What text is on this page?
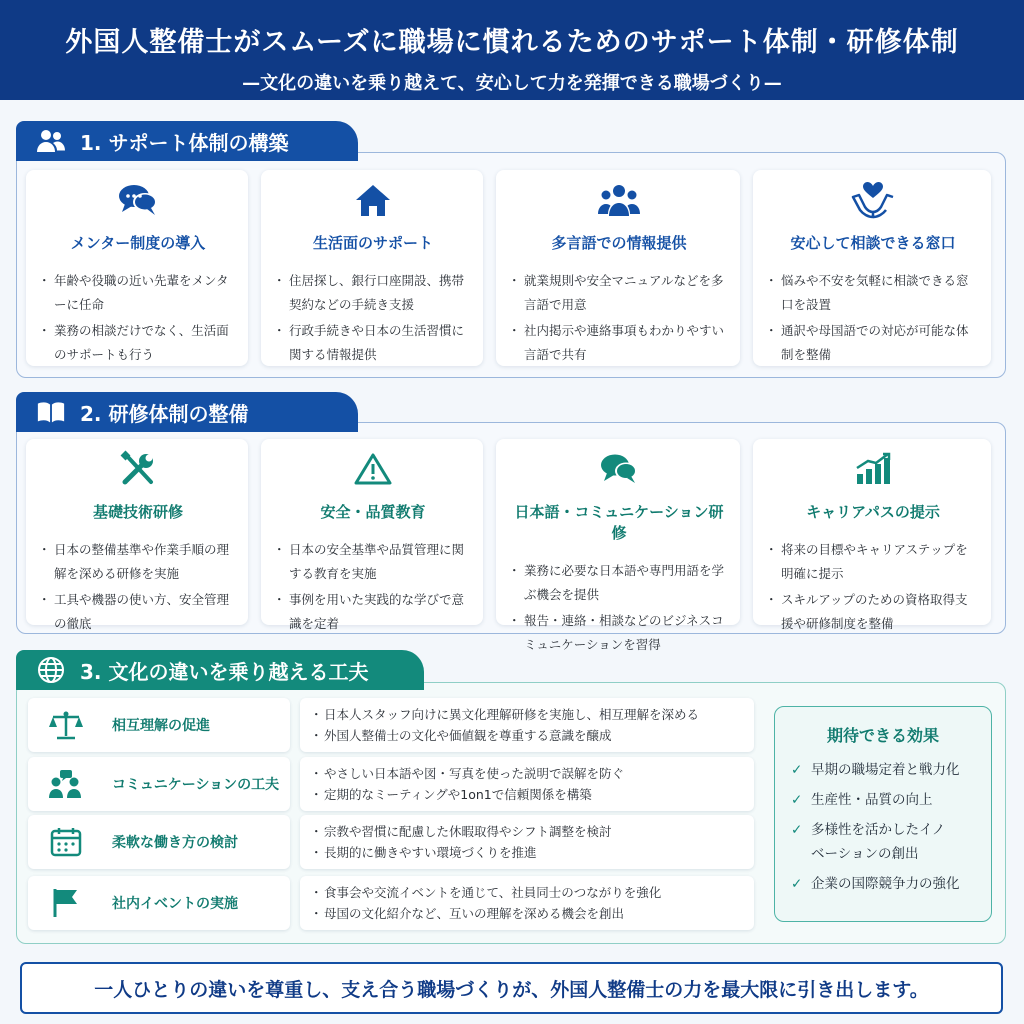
外国人整備士がスムーズに職場に慣れるためのサポート体制・研修体制
—文化の違いを乗り越えて、安心して力を発揮できる職場づくり—
1. サポート体制の構築
メンター制度の導入
・ 年齢や役職の近い先輩をメンターに任命
・ 業務の相談だけでなく、生活面のサポートも行う
生活面のサポート
・ 住居探し、銀行口座開設、携帯契約などの手続き支援
・ 行政手続きや日本の生活習慣に関する情報提供
多言語での情報提供
・ 就業規則や安全マニュアルなどを多言語で用意
・ 社内掲示や連絡事項もわかりやすい言語で共有
安心して相談できる窓口
・ 悩みや不安を気軽に相談できる窓口を設置
・ 通訳や母国語での対応が可能な体制を整備
2. 研修体制の整備
基礎技術研修
・ 日本の整備基準や作業手順の理解を深める研修を実施
・ 工具や機器の使い方、安全管理の徹底
安全・品質教育
・ 日本の安全基準や品質管理に関する教育を実施
・ 事例を用いた実践的な学びで意識を定着
日本語・コミュニケーション研修
・ 業務に必要な日本語や専門用語を学ぶ機会を提供
・ 報告・連絡・相談などのビジネスコミュニケーションを習得
キャリアパスの提示
・ 将来の目標やキャリアステップを明確に提示
・ スキルアップのための資格取得支援や研修制度を整備
3. 文化の違いを乗り越える工夫
相互理解の促進
・ 日本人スタッフ向けに異文化理解研修を実施し、相互理解を深める
・ 外国人整備士の文化や価値観を尊重する意識を醸成
コミュニケーションの工夫
・ やさしい日本語や図・写真を使った説明で誤解を防ぐ
・ 定期的なミーティングや1on1で信頼関係を構築
柔軟な働き方の検討
・ 宗教や習慣に配慮した休暇取得やシフト調整を検討
・ 長期的に働きやすい環境づくりを推進
社内イベントの実施
・ 食事会や交流イベントを通じて、社員同士のつながりを強化
・ 母国の文化紹介など、互いの理解を深める機会を創出
期待できる効果
✓ 早期の職場定着と戦力化
✓ 生産性・品質の向上
✓ 多様性を活かしたイノベーションの創出
✓ 企業の国際競争力の強化
一人ひとりの違いを尊重し、支え合う職場づくりが、外国人整備士の力を最大限に引き出します。
